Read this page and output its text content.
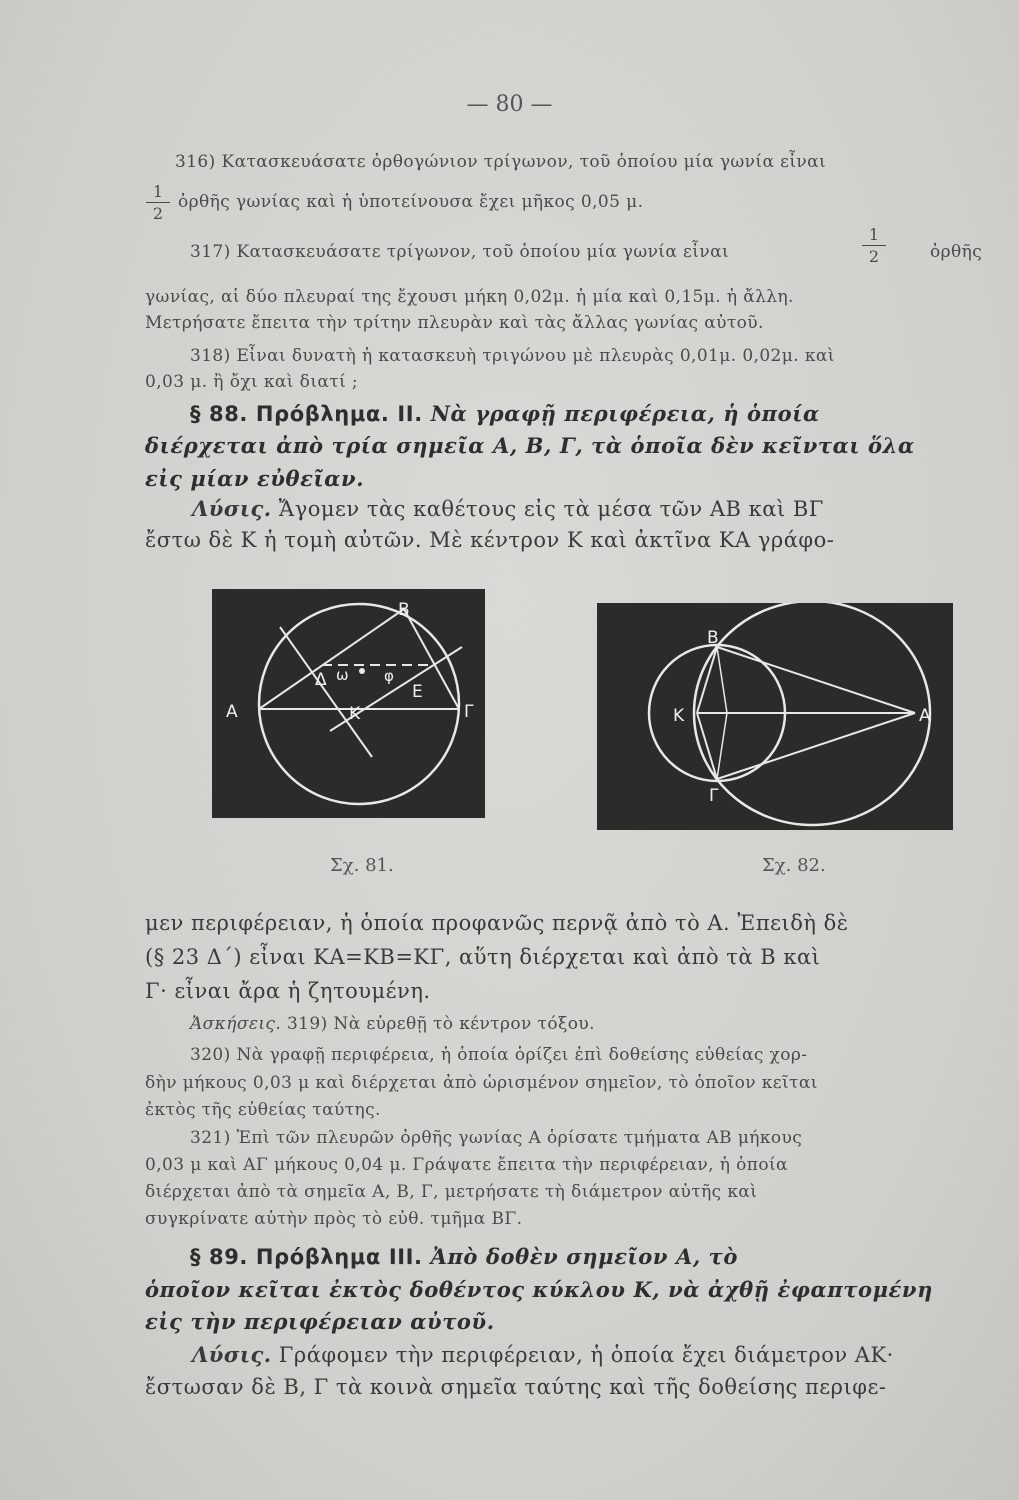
— 80 —
316) Κατασκευάσατε ὀρθογώνιον τρίγωνον, τοῦ ὁποίου μία γωνία εἶναι
1
2
ὀρθῆς γωνίας καὶ ἡ ὑποτείνουσα ἔχει μῆκος 0,05 μ.
317) Κατασκευάσατε τρίγωνον, τοῦ ὁποίου μία γωνία εἶναι
1
2	ὀρθῆς
γωνίας, αἱ δύο πλευραί της ἔχουσι μήκη 0,02μ. ἡ μία καὶ 0,15μ. ἡ ἄλλη.
Μετρήσατε ἔπειτα τὴν τρίτην πλευρὰν καὶ τὰς ἄλλας γωνίας αὐτοῦ.
318) Εἶναι δυνατὴ ἡ κατασκευὴ τριγώνου μὲ πλευρὰς 0,01μ. 0,02μ. καὶ
0,03 μ. ἢ ὄχι καὶ διατί ;
§ 88. Πρόβλημα. ΙΙ. Νὰ γραφῇ περιφέρεια, ἡ ὁποία
διέρχεται ἀπὸ τρία σημεῖα Α, Β, Γ, τὰ ὁποῖα δὲν κεῖνται ὅλα
εἰς μίαν εὐθεῖαν.
Λύσις. Ἄγομεν τὰς καθέτους εἰς τὰ μέσα τῶν ΑΒ καὶ ΒΓ
ἔστω δὲ Κ ἡ τομὴ αὐτῶν. Μὲ κέντρον Κ καὶ ἀκτῖνα ΚΑ γράφο-
Β
Α	Γ
Δ
Ε
Κ
ω φ
Σχ. 81.
Β
Κ	Α
Γ
Σχ. 82.
μεν περιφέρειαν, ἡ ὁποία προφανῶς περνᾷ ἀπὸ τὸ Α. Ἐπειδὴ δὲ
(§ 23 Δ΄) εἶναι ΚΑ=ΚΒ=ΚΓ, αὕτη διέρχεται καὶ ἀπὸ τὰ Β καὶ
Γ· εἶναι ἄρα ἡ ζητουμένη.
Ἀσκήσεις. 319) Νὰ εὑρεθῇ τὸ κέντρον τόξου.
320) Νὰ γραφῇ περιφέρεια, ἡ ὁποία ὁρίζει ἐπὶ δοθείσης εὐθείας χορ-
δὴν μήκους 0,03 μ καὶ διέρχεται ἀπὸ ὡρισμένον σημεῖον, τὸ ὁποῖον κεῖται
ἐκτὸς τῆς εὐθείας ταύτης.
321) Ἐπὶ τῶν πλευρῶν ὀρθῆς γωνίας Α ὁρίσατε τμήματα ΑΒ μήκους
0,03 μ καὶ ΑΓ μήκους 0,04 μ. Γράψατε ἔπειτα τὴν περιφέρειαν, ἡ ὁποία
διέρχεται ἀπὸ τὰ σημεῖα Α, Β, Γ, μετρήσατε τὴ διάμετρον αὐτῆς καὶ
συγκρίνατε αὐτὴν πρὸς τὸ εὐθ. τμῆμα ΒΓ.
§ 89. Πρόβλημα ΙΙΙ. Ἀπὸ δοθὲν σημεῖον Α, τὸ
ὁποῖον κεῖται ἐκτὸς δοθέντος κύκλου Κ, νὰ ἀχθῇ ἐφαπτομένη
εἰς τὴν περιφέρειαν αὐτοῦ.
Λύσις. Γράφομεν τὴν περιφέρειαν, ἡ ὁποία ἔχει διάμετρον ΑΚ·
ἔστωσαν δὲ Β, Γ τὰ κοινὰ σημεῖα ταύτης καὶ τῆς δοθείσης περιφε-
